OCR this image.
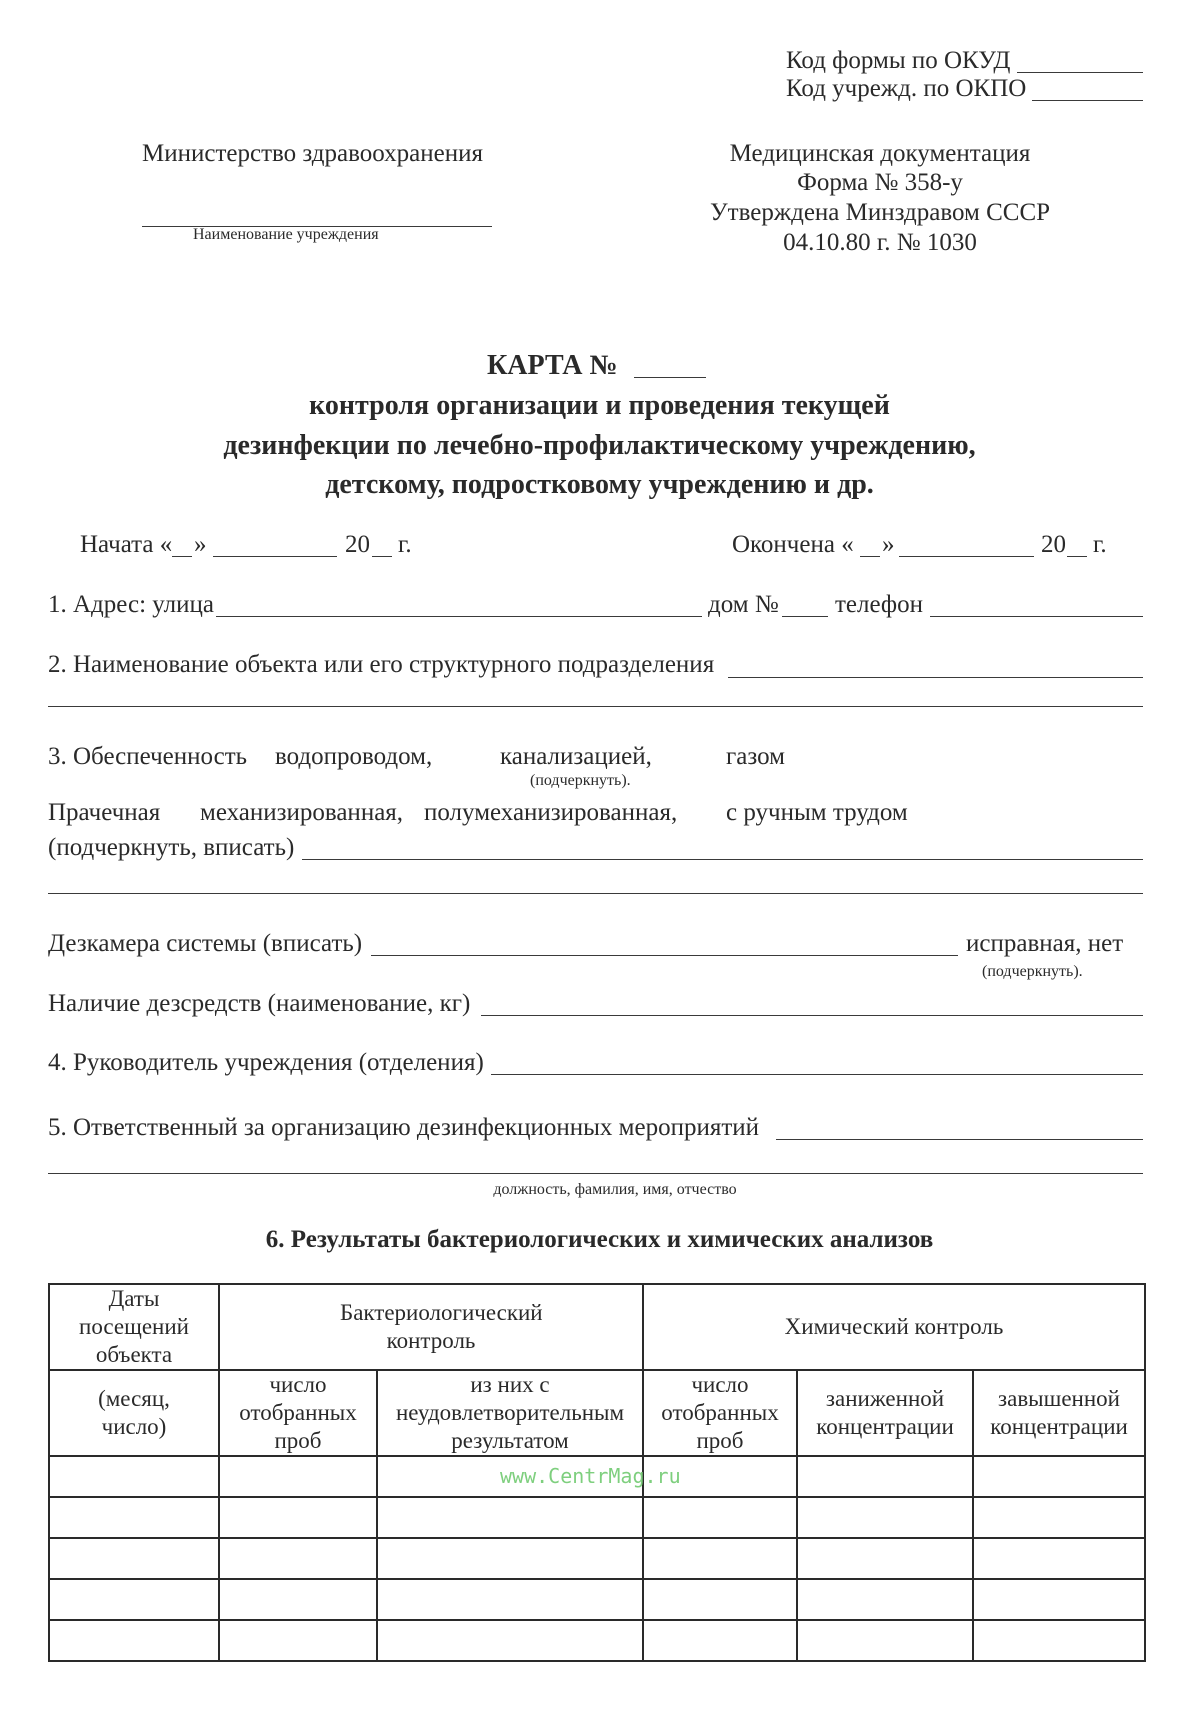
Код формы по ОКУД
Код учрежд. по ОКПО
Министерство здравоохранения
Наименование учреждения
Медицинская документация
Форма № 358-у
Утверждена Минздравом СССР
04.10.80 г. № 1030
КАРТА №
контроля организации и проведения текущей
дезинфекции по лечебно-профилактическому учреждению,
детскому, подростковому учреждению и др.
Начата « »	20 г.	Окончена « »	20 г.
1. Адрес: улица	дом № телефон
2. Наименование объекта или его структурного подразделения
3. Обеспеченность водопроводом,	канализацией,	газом
(подчеркнуть).
Прачечная механизированная, полумеханизированная, с ручным трудом
(подчеркнуть, вписать)
Дезкамера системы (вписать)	исправная, нет
(подчеркнуть).
Наличие дезсредств (наименование, кг)
4. Руководитель учреждения (отделения)
5. Ответственный за организацию дезинфекционных мероприятий
должность, фамилия, имя, отчество
6. Результаты бактериологических и химических анализов
Даты посещений объекта	Бактериологический контроль		Химический контроль		
(месяц, число)	число отобранных проб	из них с неудовлетворительным результатом	число отобранных проб	заниженной концентрации	завышенной концентрации

www.CentrMag.ru
